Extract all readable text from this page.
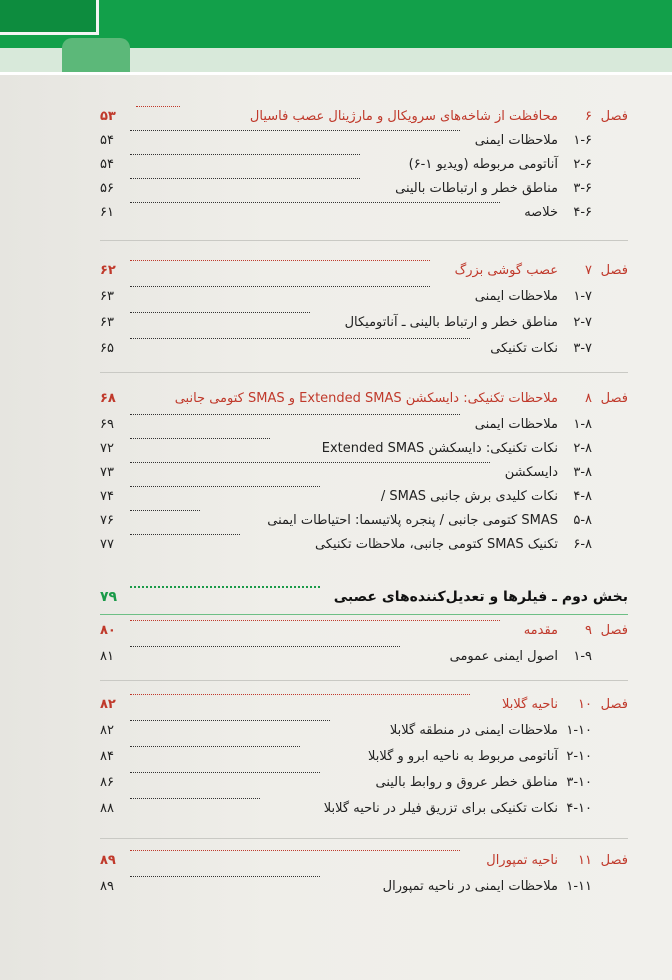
فصل
۶
محافظت از شاخه‌های سرویکال و مارژینال عصب فاسیال
۵۳
۱-۶
ملاحظات ایمنی
۵۴
۲-۶
آناتومی مربوطه (ویدیو ۱-۶)
۵۴
۳-۶
مناطق خطر و ارتباطات بالینی
۵۶
۴-۶
خلاصه
۶۱
فصل
۷
عصب گوشی بزرگ
۶۲
۱-۷
ملاحظات ایمنی
۶۳
۲-۷
مناطق خطر و ارتباط بالینی ـ آناتومیکال
۶۳
۳-۷
نکات تکنیکی
۶۵
فصل
۸
ملاحظات تکنیکی: دایسکشن Extended SMAS و SMAS کتومی جانبی
۶۸
۱-۸
ملاحظات ایمنی
۶۹
۲-۸
نکات تکنیکی: دایسکشن Extended SMAS
۷۲
۳-۸
دایسکشن
۷۳
۴-۸
نکات کلیدی برش جانبی SMAS /
۷۴
۵-۸
SMAS کتومی جانبی / پنجره پلاتیسما: احتیاطات ایمنی
۷۶
۶-۸
تکنیک SMAS کتومی جانبی، ملاحظات تکنیکی
۷۷
بخش دوم ـ فیلرها و تعدیل‌کننده‌های عصبی
۷۹
فصل
۹
مقدمه
۸۰
۱-۹
اصول ایمنی عمومی
۸۱
فصل
۱۰
ناحیه گلابلا
۸۲
۱-۱۰
ملاحظات ایمنی در منطقه گلابلا
۸۲
۲-۱۰
آناتومی مربوط به ناحیه ابرو و گلابلا
۸۴
۳-۱۰
مناطق خطر عروق و روابط بالینی
۸۶
۴-۱۰
نکات تکنیکی برای تزریق فیلر در ناحیه گلابلا
۸۸
فصل
۱۱
ناحیه تمپورال
۸۹
۱-۱۱
ملاحظات ایمنی در ناحیه تمپورال
۸۹
